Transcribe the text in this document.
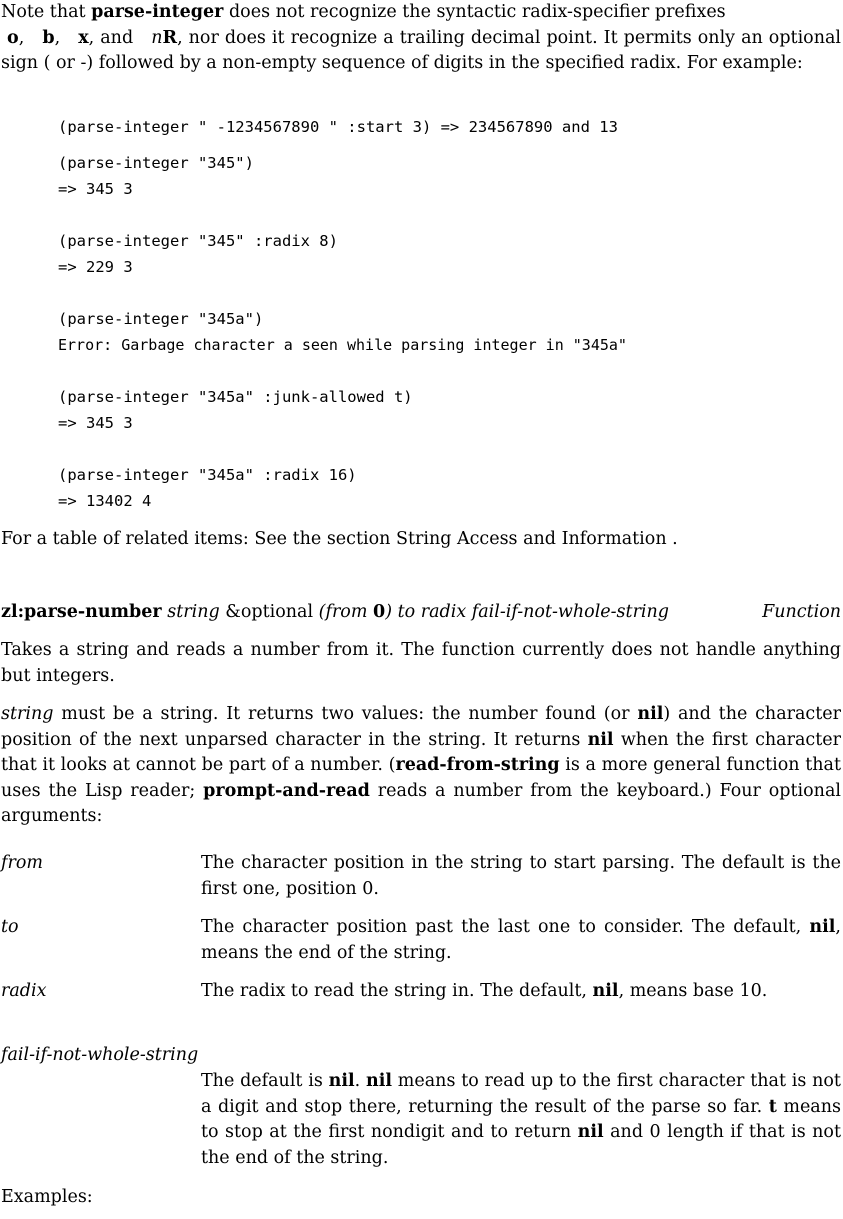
Note that parse-integer does not recognize the syntactic radix-specifier prefixes
o,   b,   x, and nR, nor does it recognize a trailing decimal point. It permits only an optional sign ( or -) followed by a non-empty sequence of digits in the specified radix. For example:

(parse-integer " -1234567890 " :start 3) => 234567890 and 13
(parse-integer "345")
=> 345 3
(parse-integer "345" :radix 8)
=> 229 3
(parse-integer "345a")
Error: Garbage character a seen while parsing integer in "345a"
(parse-integer "345a" :junk-allowed t)
=> 345 3
(parse-integer "345a" :radix 16)
=> 13402 4

For a table of related items: See the section String Access and Information .

zl:parse-number string &optional (from 0) to radix fail-if-not-whole-string	Function

Takes a string and reads a number from it. The function currently does not handle anything but integers.

string must be a string. It returns two values: the number found (or nil) and the character position of the next unparsed character in the string. It returns nil when the first character that it looks at cannot be part of a number. (read-from-string is a more general function that uses the Lisp reader; prompt-and-read reads a number from the keyboard.) Four optional arguments:

from	The character position in the string to start parsing. The default is the first one, position 0.

to	The character position past the last one to consider. The default, nil, means the end of the string.

radix	The radix to read the string in. The default, nil, means base 10.

fail-if-not-whole-string

The default is nil. nil means to read up to the first character that is not a digit and stop there, returning the result of the parse so far. t means to stop at the first nondigit and to return nil and 0 length if that is not the end of the string.

Examples:
